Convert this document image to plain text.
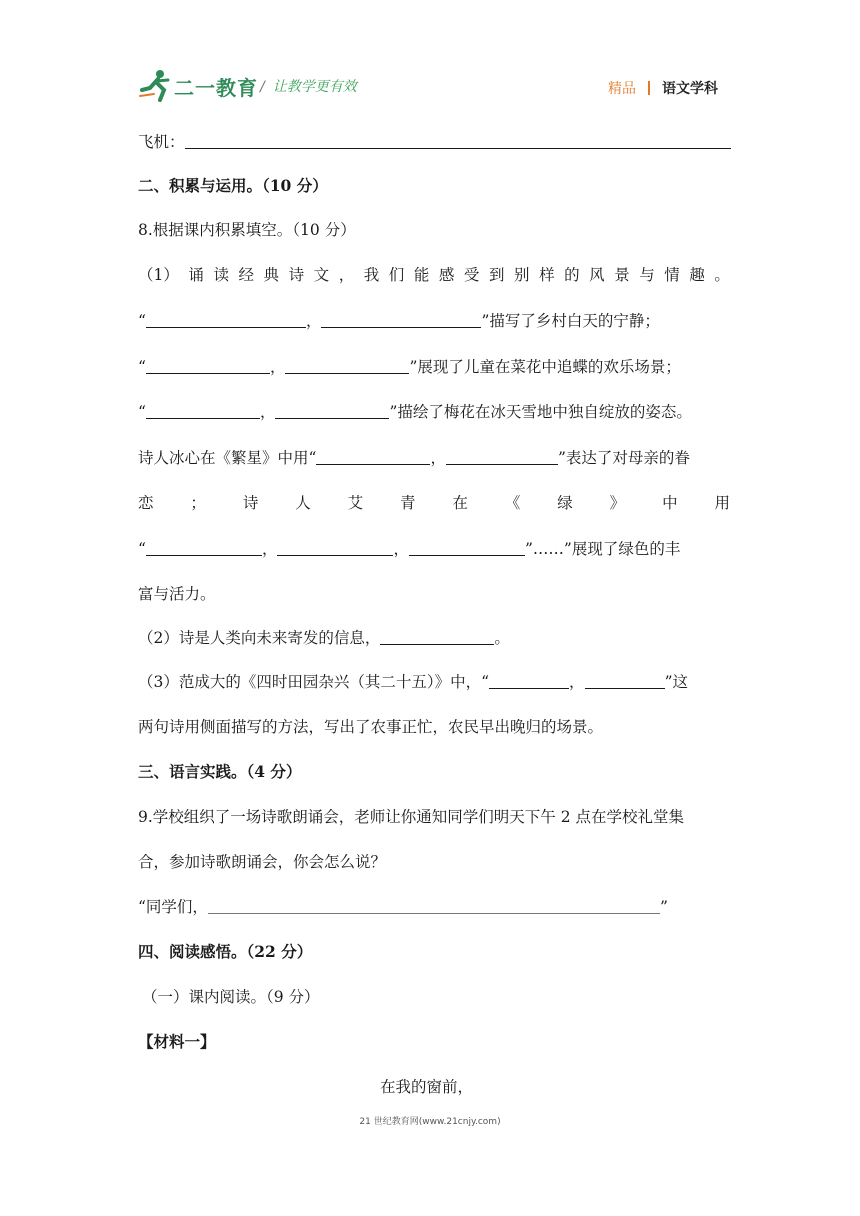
二一教育 / 让教学更有效	精品 语文学科
飞机：
二、积累与运用。（10 分）
8.根据课内积累填空。（10 分）
（1） 诵 读 经 典 诗 文 ， 我 们 能 感 受 到 别 样 的 风 景 与 情 趣 。
“	，	”描写了乡村白天的宁静；
“	，	”展现了儿童在菜花中追蝶的欢乐场景；
“	，	”描绘了梅花在冰天雪地中独自绽放的姿态。
诗人冰心在《繁星》中用“	，	”表达了对母亲的眷
恋 ； 诗 人 艾 青 在 《 绿 》 中 用
“	，	，	”……”展现了绿色的丰
富与活力。
（2）诗是人类向未来寄发的信息，	。
（3）范成大的《四时田园杂兴（其二十五）》中，“	，	”这
两句诗用侧面描写的方法，写出了农事正忙，农民早出晚归的场景。
三、语言实践。（4 分）
9.学校组织了一场诗歌朗诵会，老师让你通知同学们明天下午 2 点在学校礼堂集
合，参加诗歌朗诵会，你会怎么说？
“同学们，	”
四、阅读感悟。（22 分）
（一）课内阅读。（9 分）
【材料一】
在我的窗前，
21 世纪教育网(www.21cnjy.com)
